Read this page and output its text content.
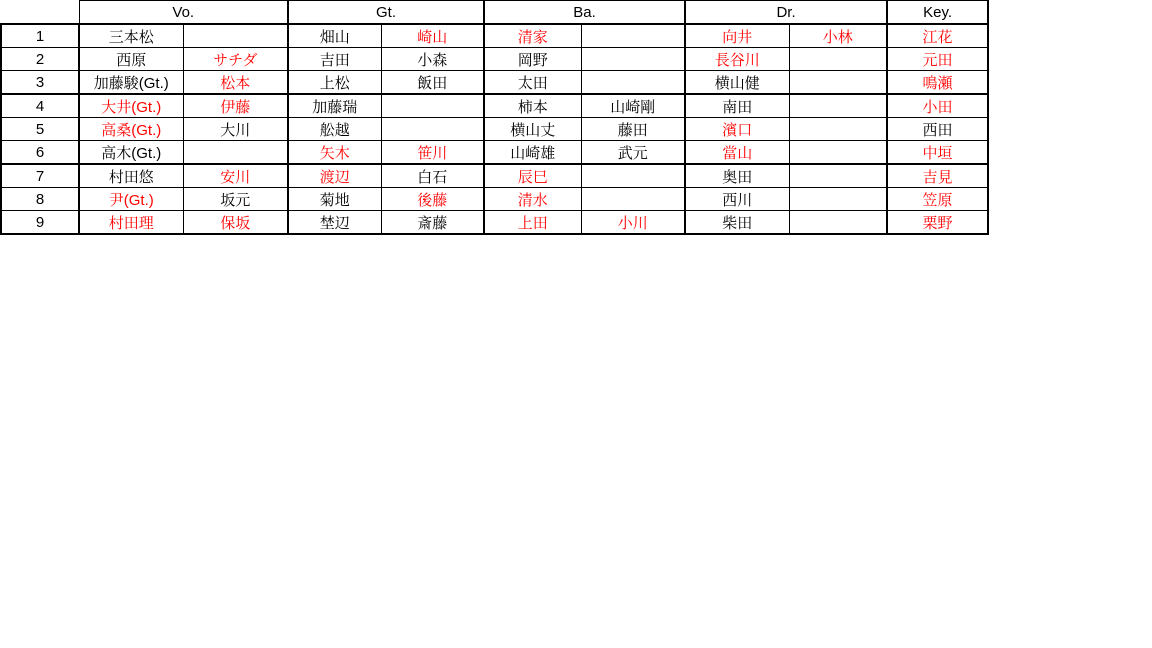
	Vo.		Gt.		Ba.		Dr.		Key.
1	三本松		畑山	崎山	清家		向井	小林	江花
2	西原	サチダ	吉田	小森	岡野		長谷川		元田
3	加藤駿(Gt.)	松本	上松	飯田	太田		横山健		鳴瀬
4	大井(Gt.)	伊藤	加藤瑞		柿本	山崎剛	南田		小田
5	高桑(Gt.)	大川	舩越		横山丈	藤田	濱口		西田
6	高木(Gt.)		矢木	笹川	山崎雄	武元	當山		中垣
7	村田悠	安川	渡辺	白石	辰巳		奥田		吉見
8	尹(Gt.)	坂元	菊地	後藤	清水		西川		笠原
9	村田理	保坂	埜辺	斎藤	上田	小川	柴田		栗野
